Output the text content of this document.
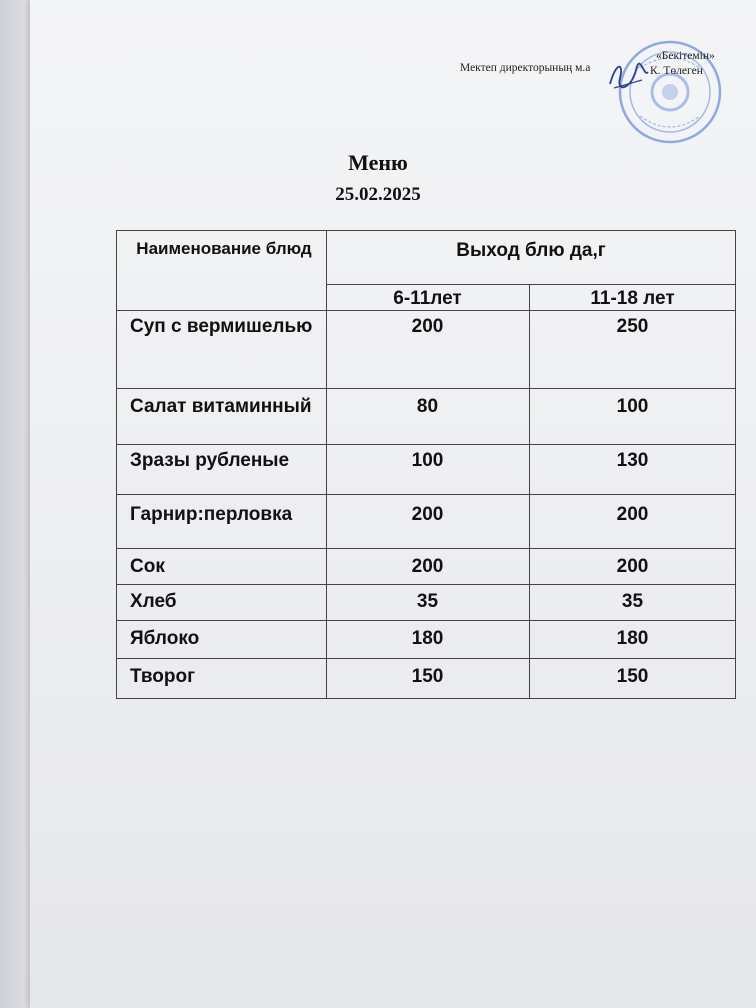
Мектеп директорының м.а
«Бекітемін»
К. Төлеген
Меню
25.02.2025
Наименование блюд	Выход блю да,г
6-11лет	11-18 лет
Суп с вермишелью	200	250
Салат витаминный	80	100
Зразы рубленые	100	130
Гарнир:перловка	200	200
Сок	200	200
Хлеб	35	35
Яблоко	180	180
Творог	150	150
